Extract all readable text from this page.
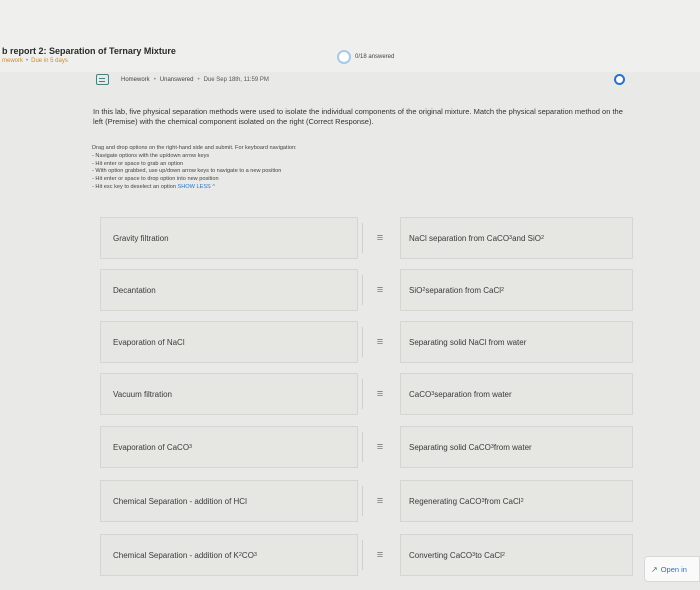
b report 2: Separation of Ternary Mixture
mework • Due in 5 days
0/18 answered
Homework • Unanswered • Due Sep 18th, 11:59 PM
In this lab, five physical separation methods were used to isolate the individual components of the original mixture. Match the physical separation method on the left (Premise) with the chemical component isolated on the right (Correct Response).
Drag and drop options on the right-hand side and submit. For keyboard navigation:
- Navigate options with the up/down arrow keys
- Hit enter or space to grab an option
- With option grabbed, use up/down arrow keys to navigate to a new position
- Hit enter or space to drop option into new position
- Hit esc key to deselect an option SHOW LESS ^
Gravity filtration	≡	NaCl separation from CaCO 3 and SiO 2
Decantation	≡	SiO 2 separation from CaCl 2
Evaporation of NaCl	≡	Separating solid NaCl from water
Vacuum filtration	≡	CaCO 3 separation from water
Evaporation of CaCO 3	≡	Separating solid CaCO 3 from water
Chemical Separation - addition of HCl	≡	Regenerating CaCO 3 from CaCl 2
Chemical Separation - addition of K 2 CO 3	≡	Converting CaCO 3 to CaCl 2
↗ Open in
